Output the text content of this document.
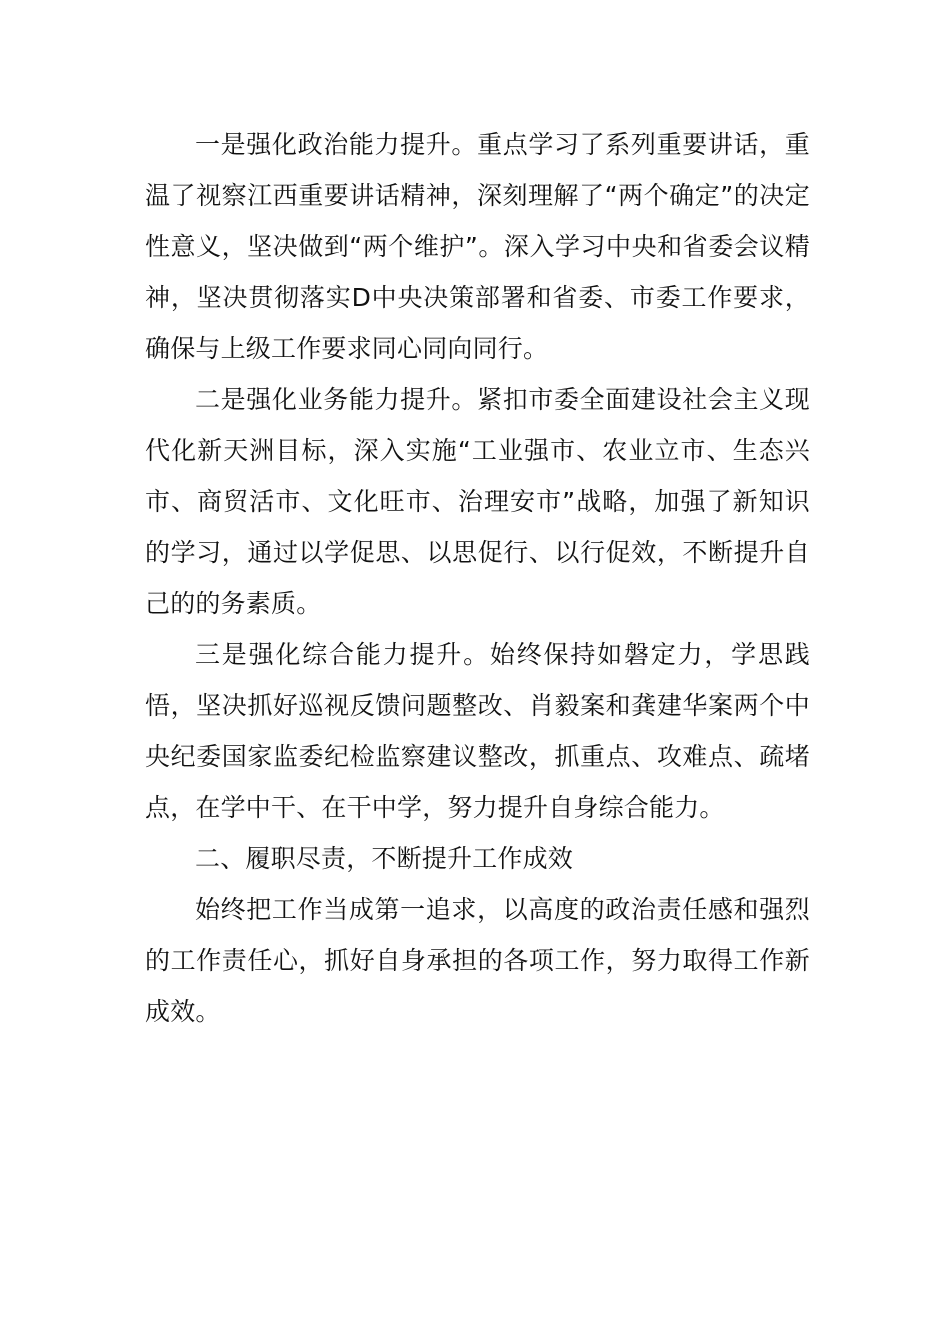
一是强化政治能力提升。重点学习了系列重要讲话，重温了视察江西重要讲话精神，深刻理解了“两个确定”的决定性意义，坚决做到“两个维护”。深入学习中央和省委会议精神，坚决贯彻落实D中央决策部署和省委、市委工作要求，确保与上级工作要求同心同向同行。

二是强化业务能力提升。紧扣市委全面建设社会主义现代化新天洲目标，深入实施“工业强市、农业立市、生态兴市、商贸活市、文化旺市、治理安市”战略，加强了新知识的学习，通过以学促思、以思促行、以行促效，不断提升自己的的务素质。

三是强化综合能力提升。始终保持如磐定力，学思践悟，坚决抓好巡视反馈问题整改、肖毅案和龚建华案两个中央纪委国家监委纪检监察建议整改，抓重点、攻难点、疏堵点，在学中干、在干中学，努力提升自身综合能力。

二、履职尽责，不断提升工作成效

始终把工作当成第一追求，以高度的政治责任感和强烈的工作责任心，抓好自身承担的各项工作，努力取得工作新成效。
